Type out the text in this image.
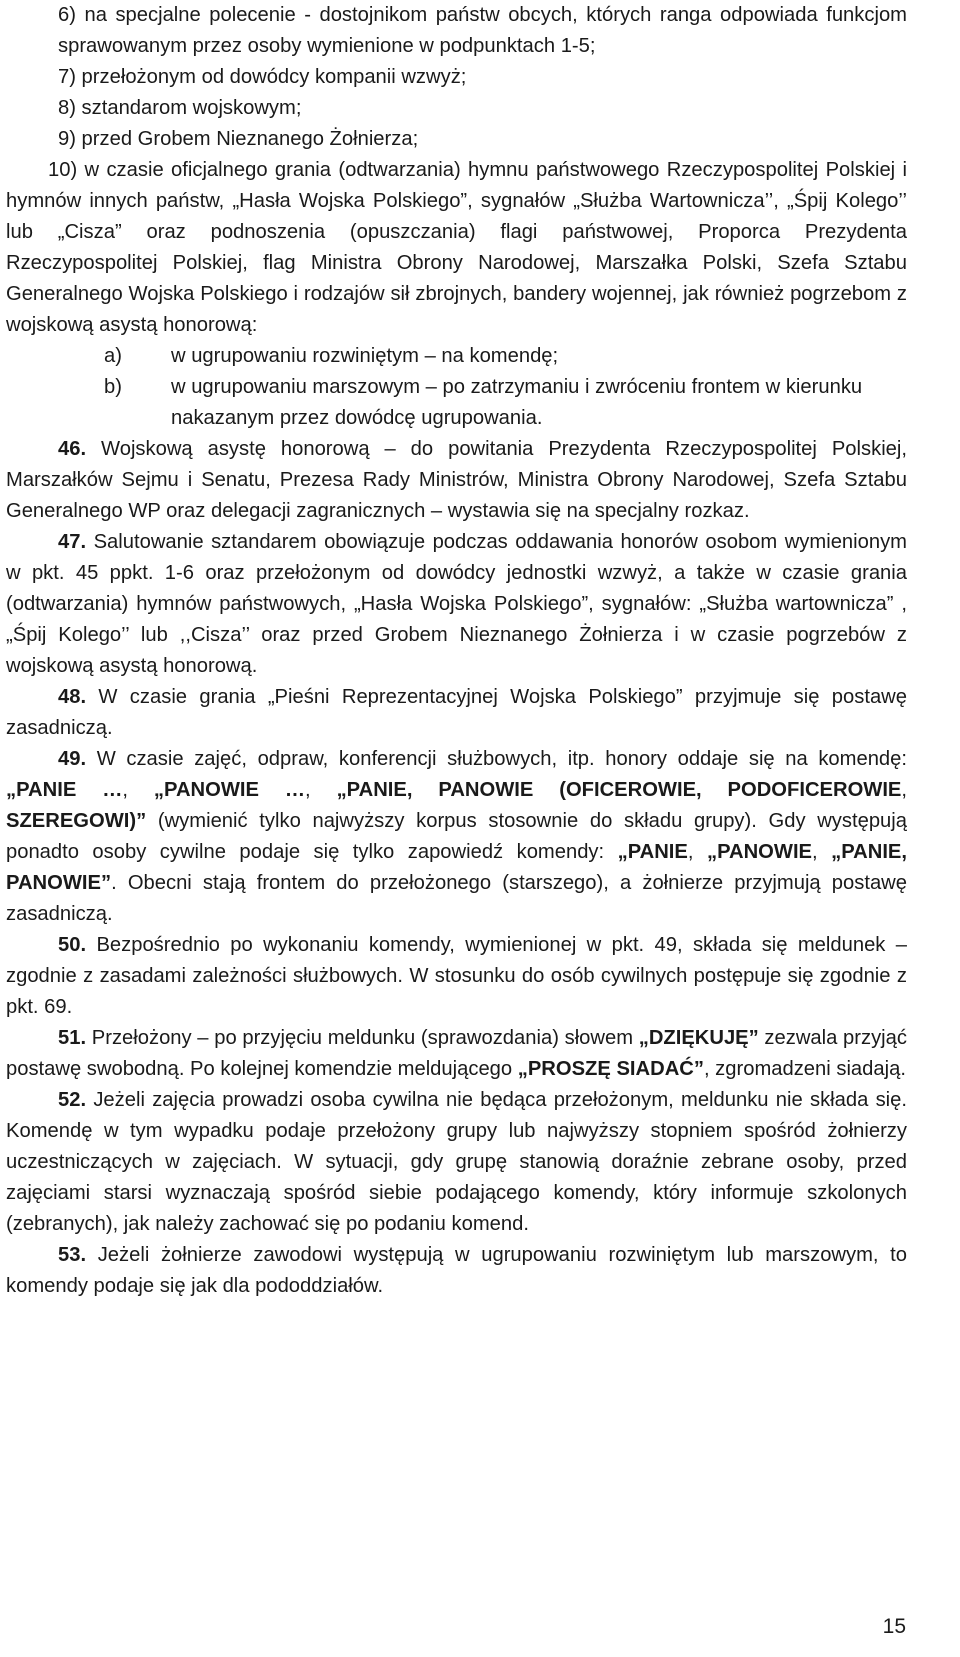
6) na specjalne polecenie - dostojnikom państw obcych, których ranga odpowiada funkcjom sprawowanym przez osoby wymienione w podpunktach 1-5;

7) przełożonym od dowódcy kompanii wzwyż;

8) sztandarom wojskowym;

9) przed Grobem Nieznanego Żołnierza;

10) w czasie oficjalnego grania (odtwarzania) hymnu państwowego Rzeczypospolitej Polskiej i hymnów innych państw, „Hasła Wojska Polskiego”, sygnałów „Służba Wartownicza’’, „Śpij Kolego’’ lub „Cisza” oraz podnoszenia (opuszczania) flagi państwowej, Proporca Prezydenta Rzeczypospolitej Polskiej, flag Ministra Obrony Narodowej, Marszałka Polski, Szefa Sztabu Generalnego Wojska Polskiego i rodzajów sił zbrojnych, bandery wojennej, jak również pogrzebom z wojskową asystą honorową:

a) w ugrupowaniu rozwiniętym – na komendę;

b) w ugrupowaniu marszowym – po zatrzymaniu i zwróceniu frontem w kierunku nakazanym przez dowódcę ugrupowania.

46. Wojskową asystę honorową – do powitania Prezydenta Rzeczypospolitej Polskiej, Marszałków Sejmu i Senatu, Prezesa Rady Ministrów, Ministra Obrony Narodowej, Szefa Sztabu Generalnego WP oraz delegacji zagranicznych – wystawia się na specjalny rozkaz.

47. Salutowanie sztandarem obowiązuje podczas oddawania honorów osobom wymienionym w pkt. 45 ppkt. 1-6 oraz przełożonym od dowódcy jednostki wzwyż, a także w czasie grania (odtwarzania) hymnów państwowych, „Hasła Wojska Polskiego”, sygnałów: „Służba wartownicza” , „Śpij Kolego’’ lub ,,Cisza’’ oraz przed Grobem Nieznanego Żołnierza i w czasie pogrzebów z wojskową asystą honorową.

48. W czasie grania „Pieśni Reprezentacyjnej Wojska Polskiego” przyjmuje się postawę zasadniczą.

49. W czasie zajęć, odpraw, konferencji służbowych, itp. honory oddaje się na komendę: „PANIE …, „PANOWIE …, „PANIE, PANOWIE (OFICEROWIE, PODOFICEROWIE, SZEREGOWI)” (wymienić tylko najwyższy korpus stosownie do składu grupy). Gdy występują ponadto osoby cywilne podaje się tylko zapowiedź komendy: „PANIE, „PANOWIE, „PANIE, PANOWIE”. Obecni stają frontem do przełożonego (starszego), a żołnierze przyjmują postawę zasadniczą.

50. Bezpośrednio po wykonaniu komendy, wymienionej w pkt. 49, składa się meldunek – zgodnie z zasadami zależności służbowych. W stosunku do osób cywilnych postępuje się zgodnie z pkt. 69.

51. Przełożony – po przyjęciu meldunku (sprawozdania) słowem „DZIĘKUJĘ” zezwala przyjąć postawę swobodną. Po kolejnej komendzie meldującego „PROSZĘ SIADAĆ”, zgromadzeni siadają.

52. Jeżeli zajęcia prowadzi osoba cywilna nie będąca przełożonym, meldunku nie składa się. Komendę w tym wypadku podaje przełożony grupy lub najwyższy stopniem spośród żołnierzy uczestniczących w zajęciach. W sytuacji, gdy grupę stanowią doraźnie zebrane osoby, przed zajęciami starsi wyznaczają spośród siebie podającego komendy, który informuje szkolonych (zebranych), jak należy zachować się po podaniu komend.

53. Jeżeli żołnierze zawodowi występują w ugrupowaniu rozwiniętym lub marszowym, to komendy podaje się jak dla pododdziałów.

15
